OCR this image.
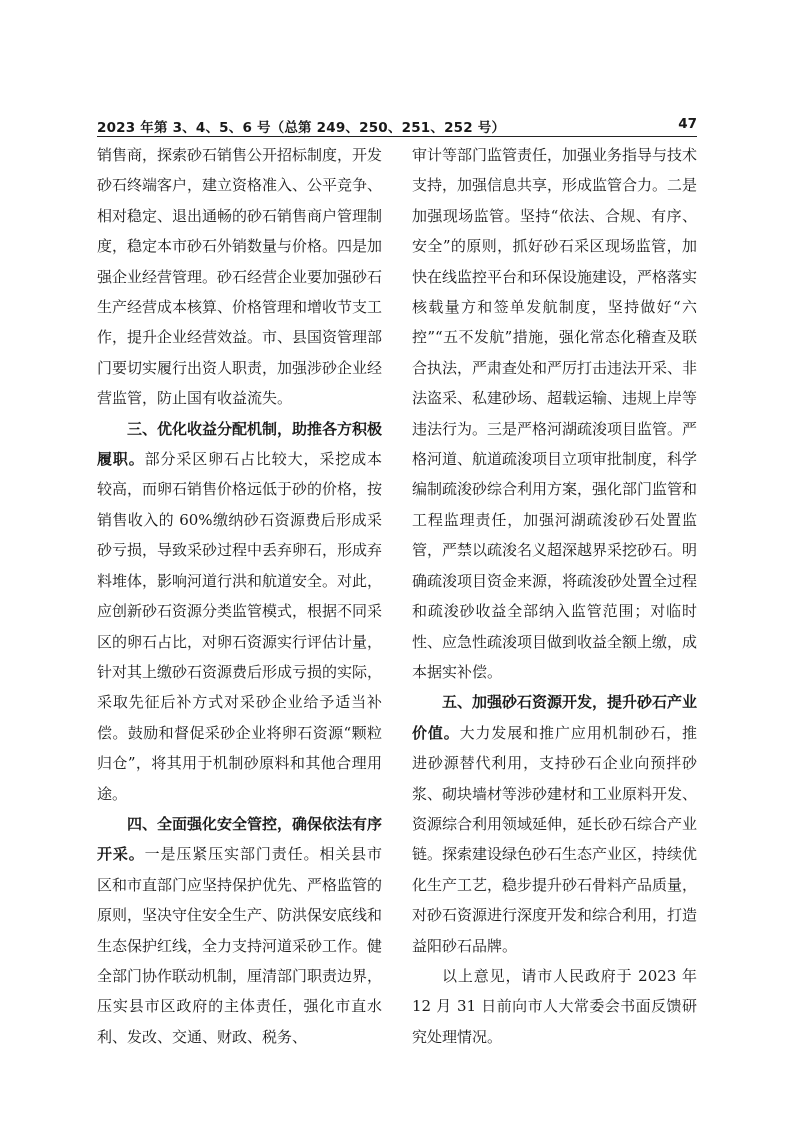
2023 年第 3、4、5、6 号（总第 249、250、251、252 号）	47

销售商，探索砂石销售公开招标制度，开发砂石终端客户，建立资格准入、公平竞争、相对稳定、退出通畅的砂石销售商户管理制度，稳定本市砂石外销数量与价格。四是加强企业经营管理。砂石经营企业要加强砂石生产经营成本核算、价格管理和增收节支工作，提升企业经营效益。市、县国资管理部门要切实履行出资人职责，加强涉砂企业经营监管，防止国有收益流失。

三、优化收益分配机制，助推各方积极履职。部分采区卵石占比较大，采挖成本较高，而卵石销售价格远低于砂的价格，按销售收入的 60%缴纳砂石资源费后形成采砂亏损，导致采砂过程中丢弃卵石，形成弃料堆体，影响河道行洪和航道安全。对此，应创新砂石资源分类监管模式，根据不同采区的卵石占比，对卵石资源实行评估计量，针对其上缴砂石资源费后形成亏损的实际，采取先征后补方式对采砂企业给予适当补偿。鼓励和督促采砂企业将卵石资源“颗粒归仓”，将其用于机制砂原料和其他合理用途。

四、全面强化安全管控，确保依法有序开采。一是压紧压实部门责任。相关县市区和市直部门应坚持保护优先、严格监管的原则，坚决守住安全生产、防洪保安底线和生态保护红线，全力支持河道采砂工作。健全部门协作联动机制，厘清部门职责边界，压实县市区政府的主体责任，强化市直水利、发改、交通、财政、税务、

审计等部门监管责任，加强业务指导与技术支持，加强信息共享，形成监管合力。二是加强现场监管。坚持“依法、合规、有序、安全”的原则，抓好砂石采区现场监管，加快在线监控平台和环保设施建设，严格落实核载量方和签单发航制度，坚持做好“六控”“五不发航”措施，强化常态化稽查及联合执法，严肃查处和严厉打击违法开采、非法盗采、私建砂场、超载运输、违规上岸等违法行为。三是严格河湖疏浚项目监管。严格河道、航道疏浚项目立项审批制度，科学编制疏浚砂综合利用方案，强化部门监管和工程监理责任，加强河湖疏浚砂石处置监管，严禁以疏浚名义超深越界采挖砂石。明确疏浚项目资金来源，将疏浚砂处置全过程和疏浚砂收益全部纳入监管范围；对临时性、应急性疏浚项目做到收益全额上缴，成本据实补偿。

五、加强砂石资源开发，提升砂石产业价值。大力发展和推广应用机制砂石，推进砂源替代利用，支持砂石企业向预拌砂浆、砌块墙材等涉砂建材和工业原料开发、资源综合利用领域延伸，延长砂石综合产业链。探索建设绿色砂石生态产业区，持续优化生产工艺，稳步提升砂石骨料产品质量，对砂石资源进行深度开发和综合利用，打造益阳砂石品牌。

以上意见，请市人民政府于 2023 年 12 月 31 日前向市人大常委会书面反馈研究处理情况。
